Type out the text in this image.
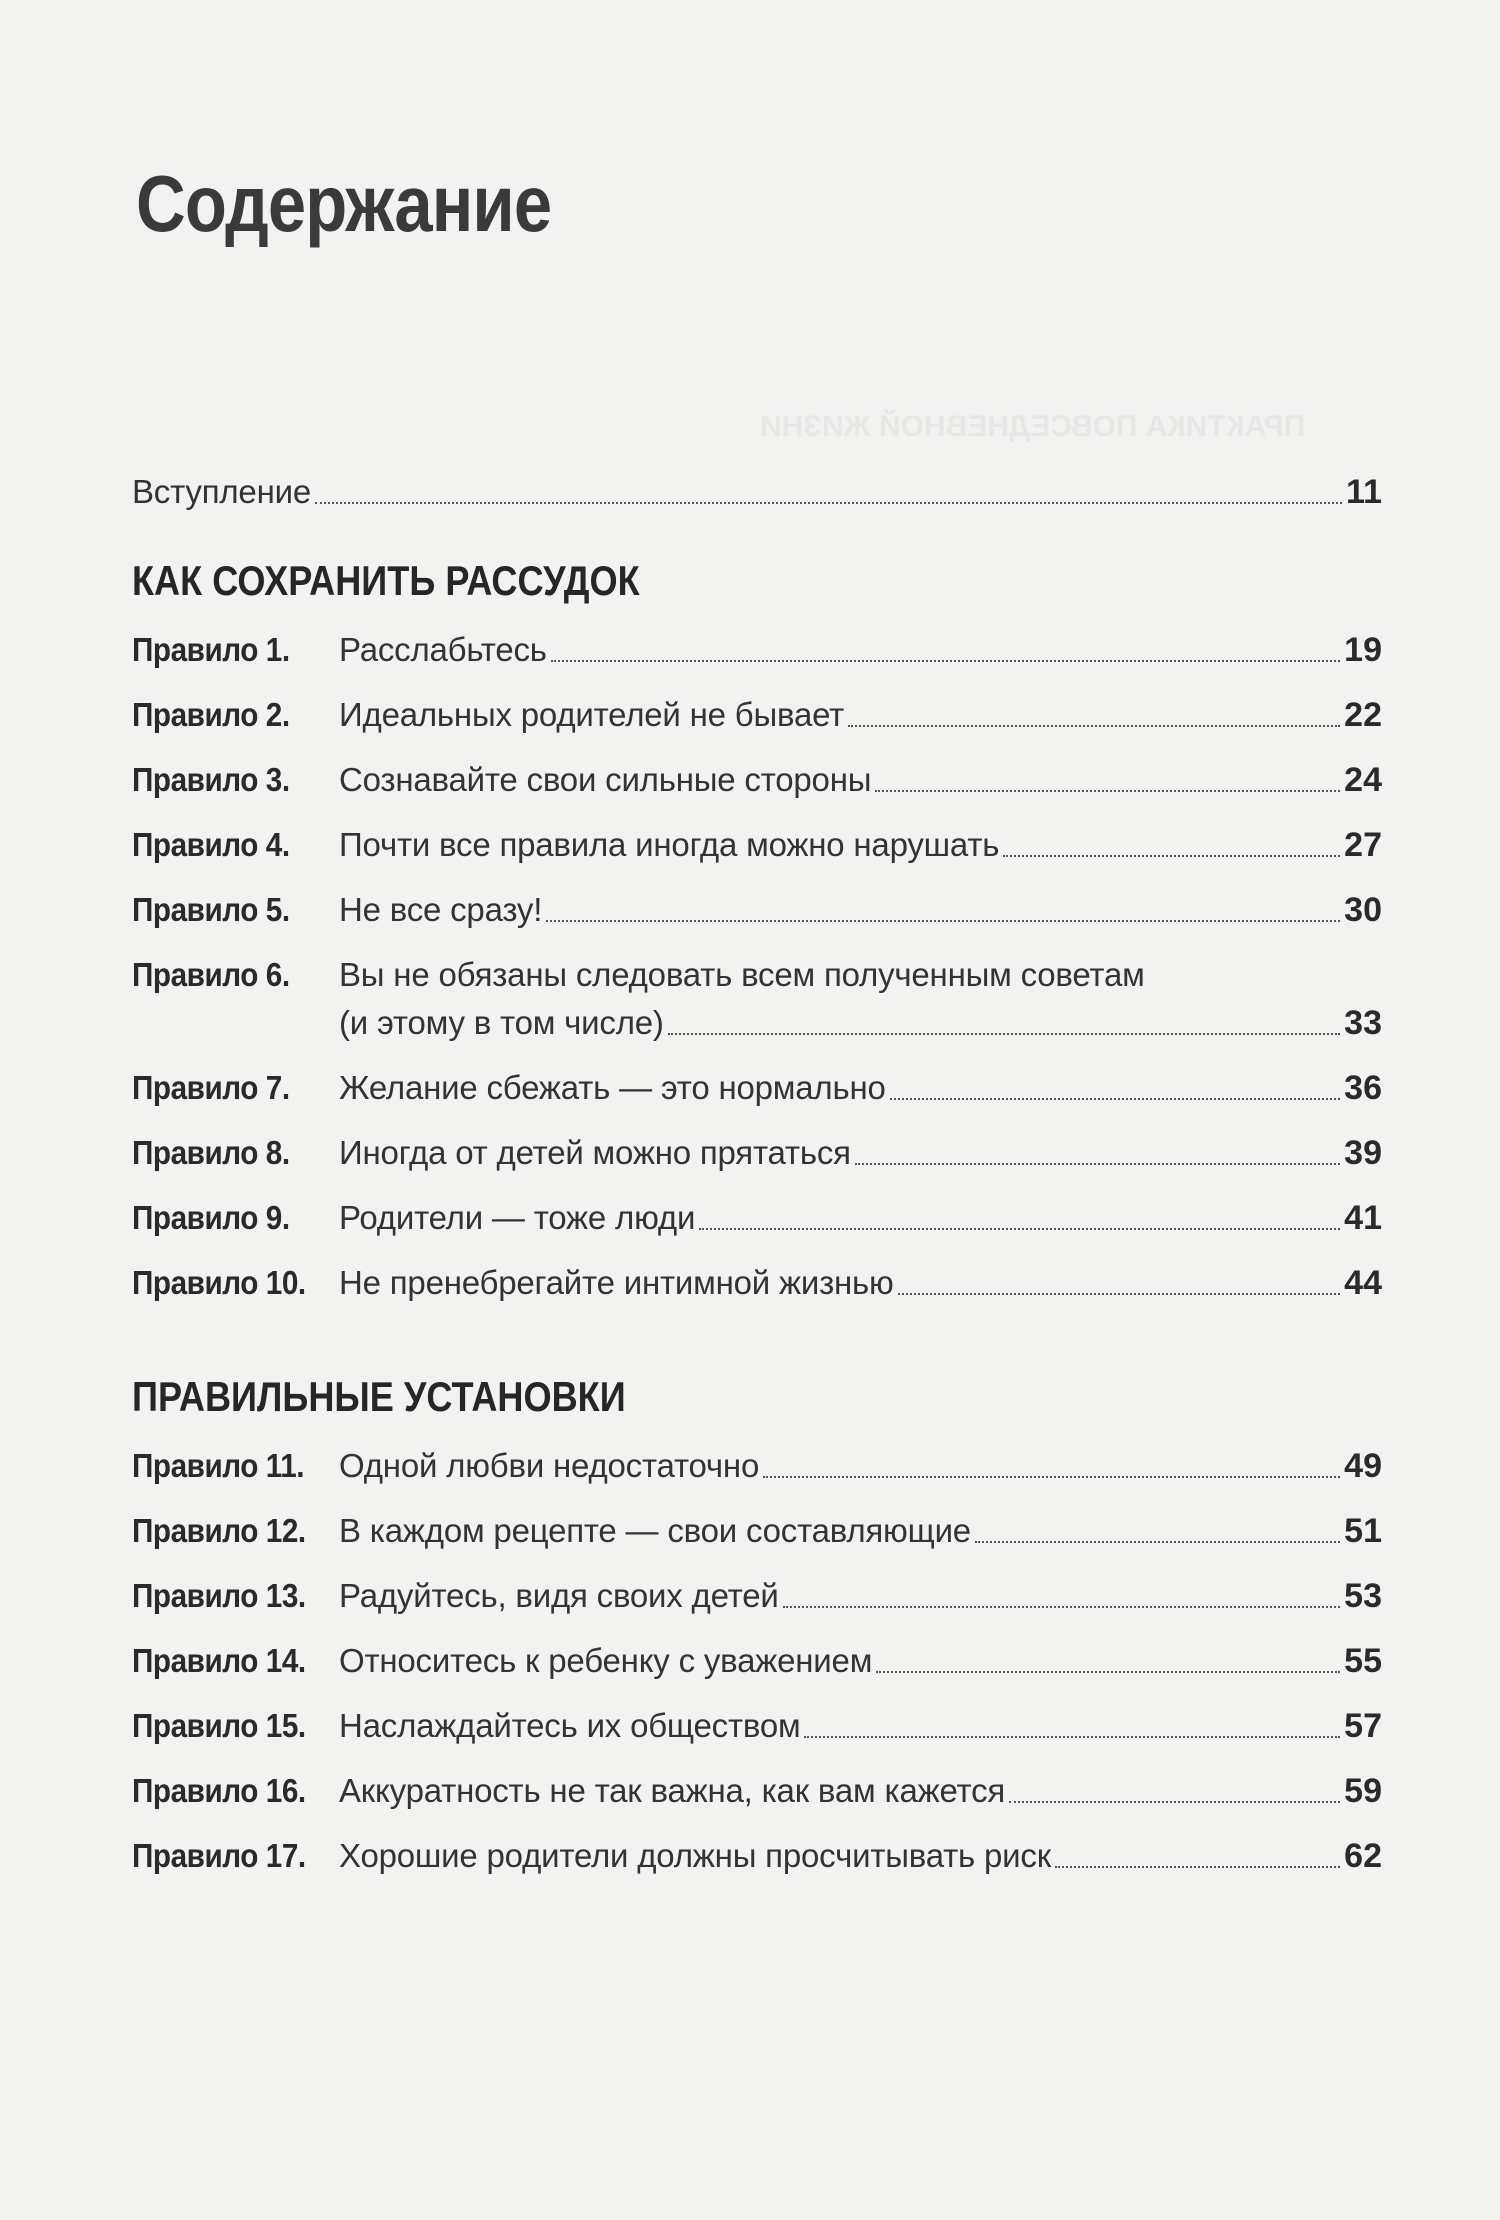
ПРАКТИКА ПОВСЕДНЕВНОЙ ЖИЗНИ
Содержание
Вступление	11
КАК СОХРАНИТЬ РАССУДОК
Правило 1.	Расслабьтесь	19
Правило 2.	Идеальных родителей не бывает	22
Правило 3.	Сознавайте свои сильные стороны	24
Правило 4.	Почти все правила иногда можно нарушать	27
Правило 5.	Не все сразу!	30
Правило 6.	Вы не обязаны следовать всем полученным советам
(и этому в том числе)	33
Правило 7.	Желание сбежать — это нормально	36
Правило 8.	Иногда от детей можно прятаться	39
Правило 9.	Родители — тоже люди	41
Правило 10.	Не пренебрегайте интимной жизнью	44
ПРАВИЛЬНЫЕ УСТАНОВКИ
Правило 11.	Одной любви недостаточно	49
Правило 12.	В каждом рецепте — свои составляющие	51
Правило 13.	Радуйтесь, видя своих детей	53
Правило 14.	Относитесь к ребенку с уважением	55
Правило 15.	Наслаждайтесь их обществом	57
Правило 16.	Аккуратность не так важна, как вам кажется	59
Правило 17.	Хорошие родители должны просчитывать риск	62
